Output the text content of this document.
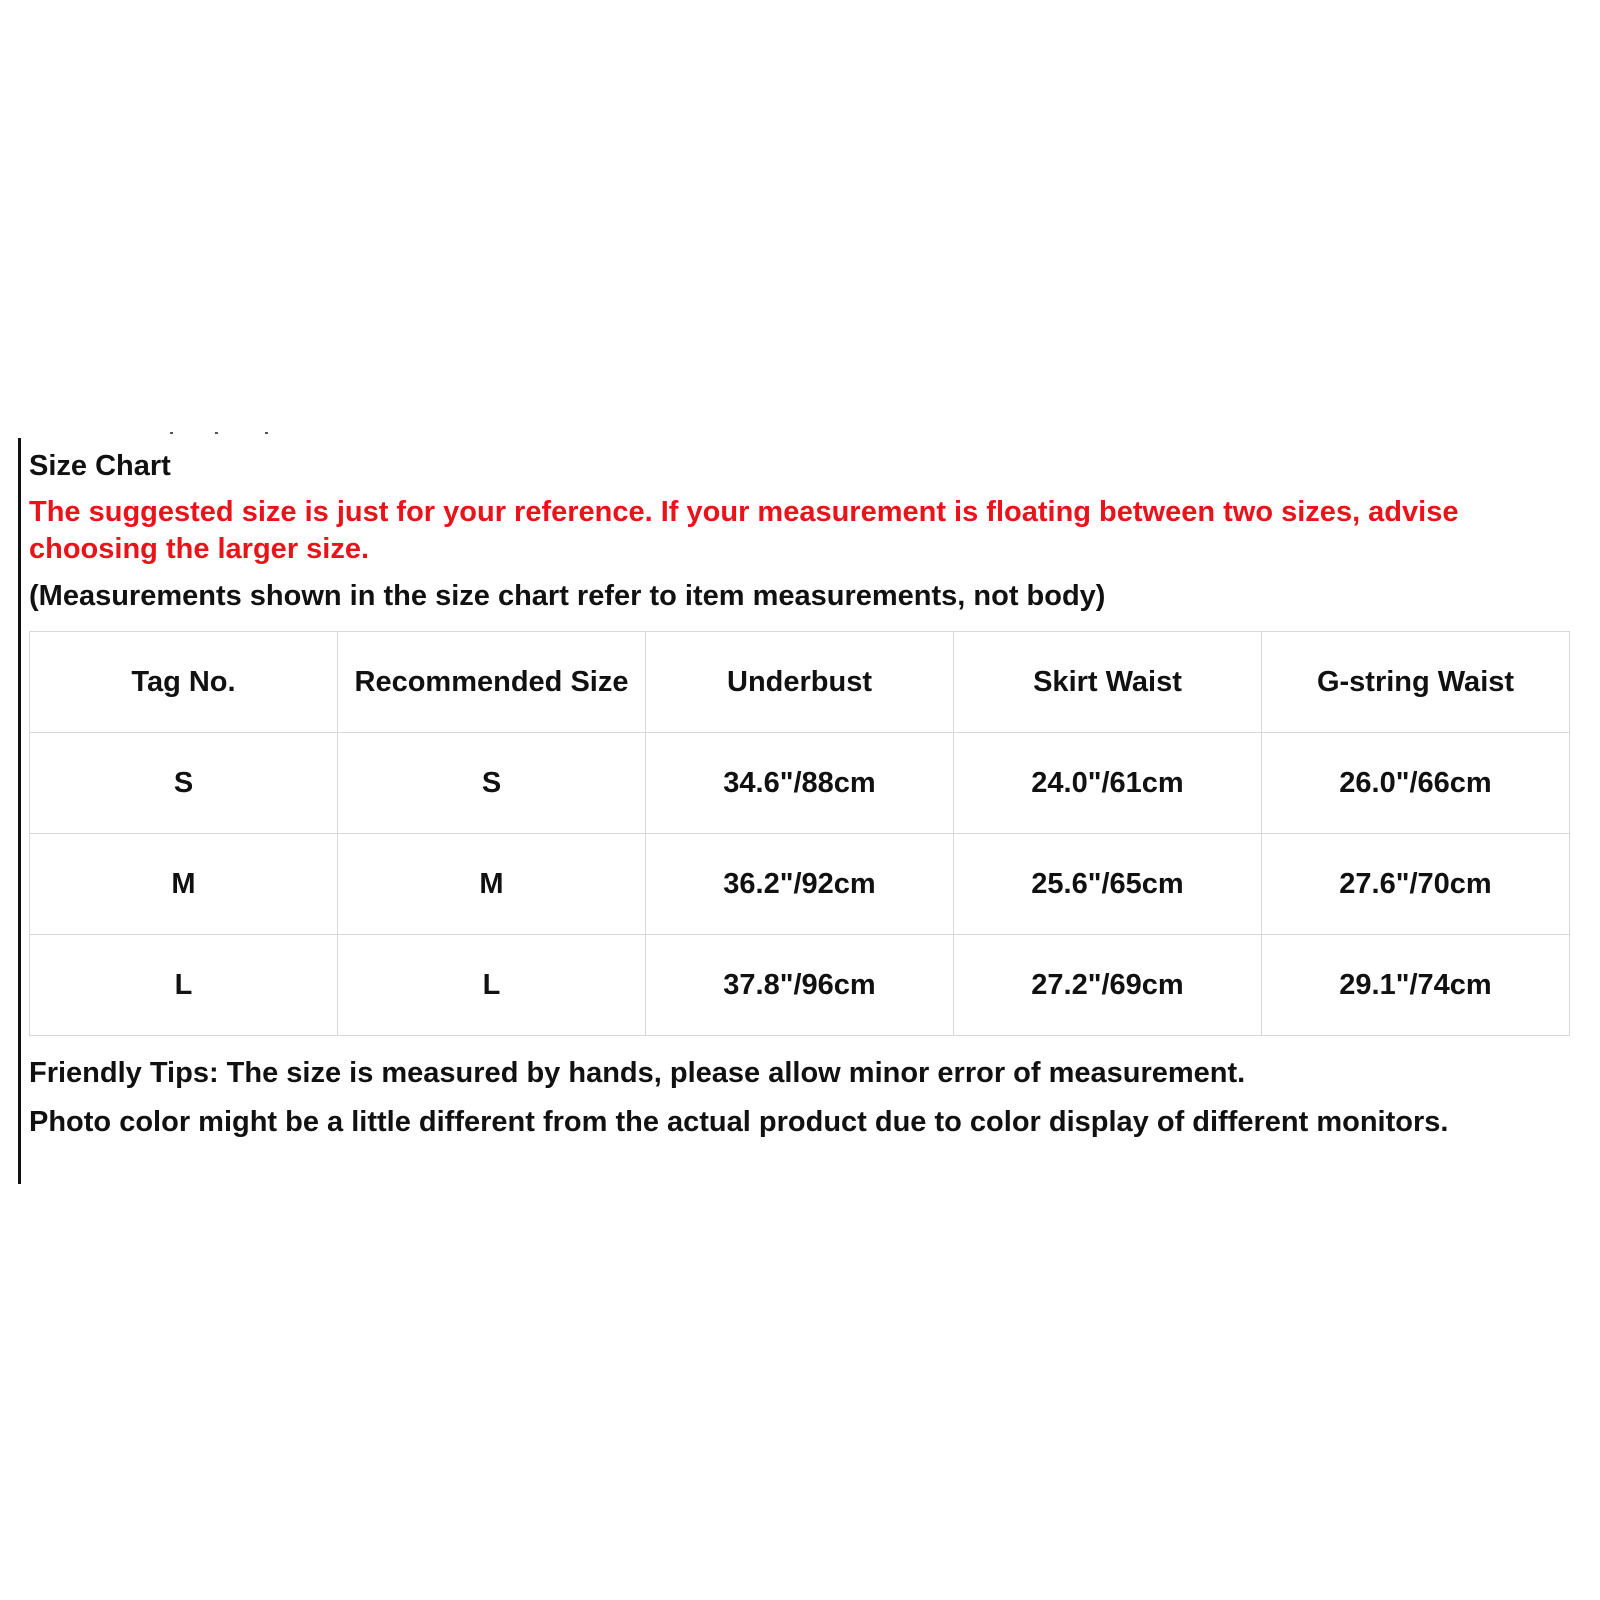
Size Chart

The suggested size is just for your reference. If your measurement is floating between two sizes, advise choosing the larger size.

(Measurements shown in the size chart refer to item measurements, not body)

Tag No.	Recommended Size	Underbust	Skirt Waist	G-string Waist
S	S	34.6"/88cm	24.0"/61cm	26.0"/66cm
M	M	36.2"/92cm	25.6"/65cm	27.6"/70cm
L	L	37.8"/96cm	27.2"/69cm	29.1"/74cm

Friendly Tips: The size is measured by hands, please allow minor error of measurement.

Photo color might be a little different from the actual product due to color display of different monitors.
